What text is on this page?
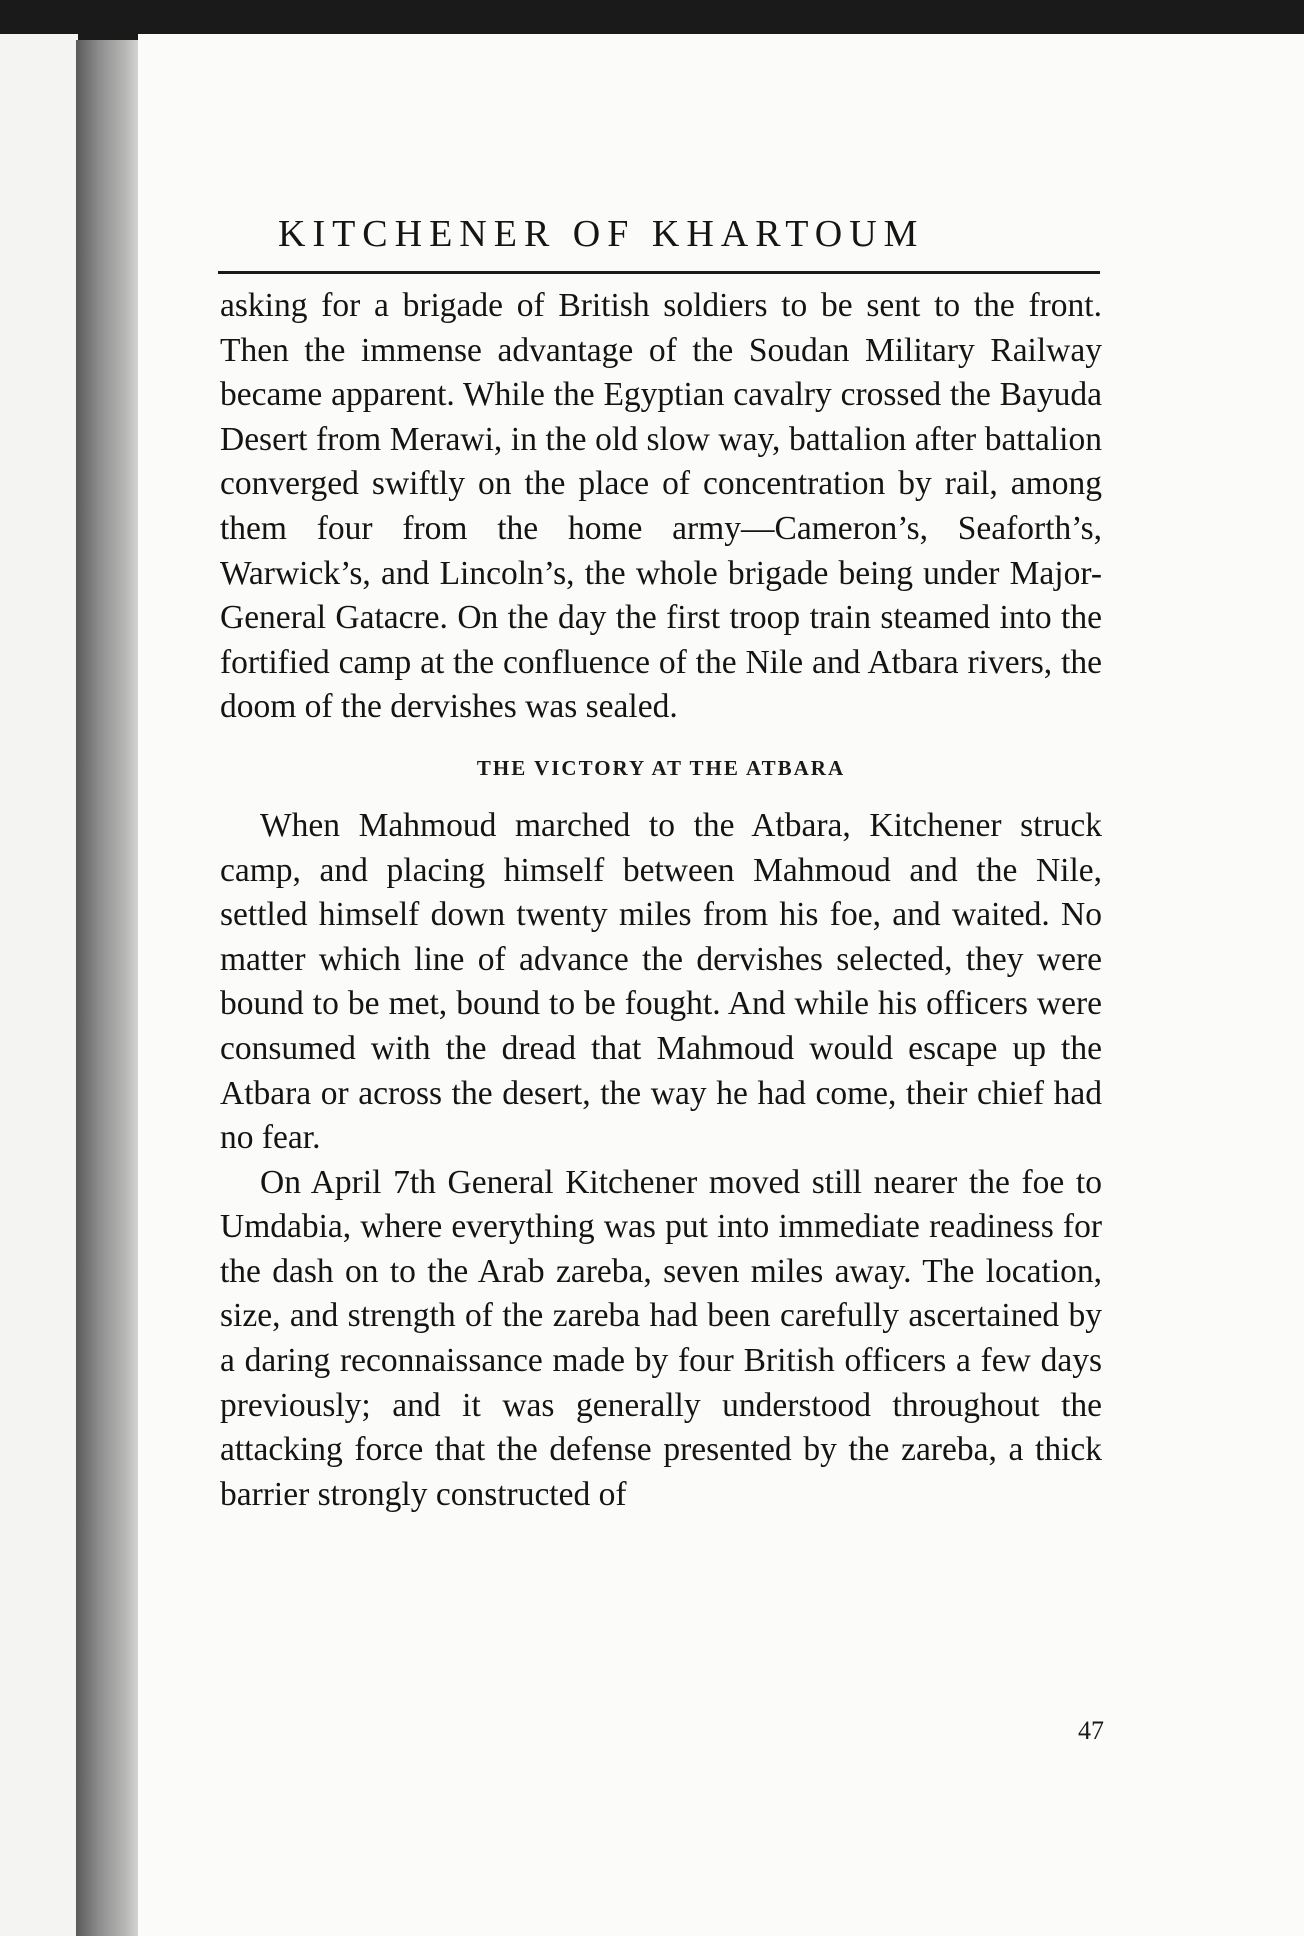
KITCHENER OF KHARTOUM

asking for a brigade of British soldiers to be sent to the front. Then the immense advantage of the Soudan Military Railway became apparent. While the Egyptian cavalry crossed the Bayuda Desert from Merawi, in the old slow way, battalion after battalion converged swiftly on the place of concentration by rail, among them four from the home army—Cameron’s, Seaforth’s, Warwick’s, and Lincoln’s, the whole brigade being under Major-General Gatacre. On the day the first troop train steamed into the fortified camp at the confluence of the Nile and Atbara rivers, the doom of the dervishes was sealed.

THE VICTORY AT THE ATBARA

When Mahmoud marched to the Atbara, Kitchener struck camp, and placing himself between Mahmoud and the Nile, settled himself down twenty miles from his foe, and waited. No matter which line of advance the dervishes selected, they were bound to be met, bound to be fought. And while his officers were consumed with the dread that Mahmoud would escape up the Atbara or across the desert, the way he had come, their chief had no fear.

On April 7th General Kitchener moved still nearer the foe to Umdabia, where everything was put into immediate readiness for the dash on to the Arab zareba, seven miles away. The location, size, and strength of the zareba had been carefully ascertained by a daring reconnaissance made by four British officers a few days previously; and it was generally understood throughout the attacking force that the defense presented by the zareba, a thick barrier strongly constructed of

47
